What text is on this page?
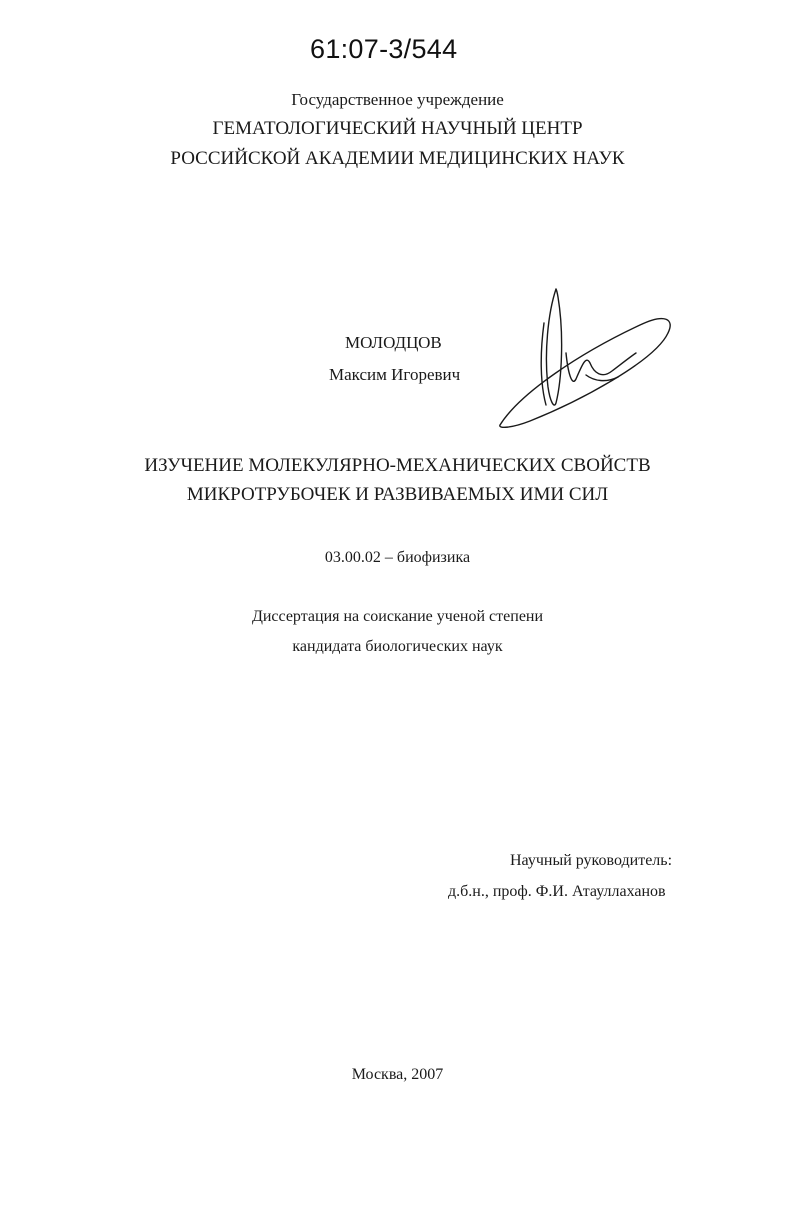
61:07-3/544
Государственное учреждение
ГЕМАТОЛОГИЧЕСКИЙ НАУЧНЫЙ ЦЕНТР
РОССИЙСКОЙ АКАДЕМИИ МЕДИЦИНСКИХ НАУК
МОЛОДЦОВ
Максим Игоревич
ИЗУЧЕНИЕ МОЛЕКУЛЯРНО-МЕХАНИЧЕСКИХ СВОЙСТВ
МИКРОТРУБОЧЕК И РАЗВИВАЕМЫХ ИМИ СИЛ
03.00.02 – биофизика
Диссертация на соискание ученой степени
кандидата биологических наук
Научный руководитель:
д.б.н., проф. Ф.И. Атауллаханов
Москва, 2007
